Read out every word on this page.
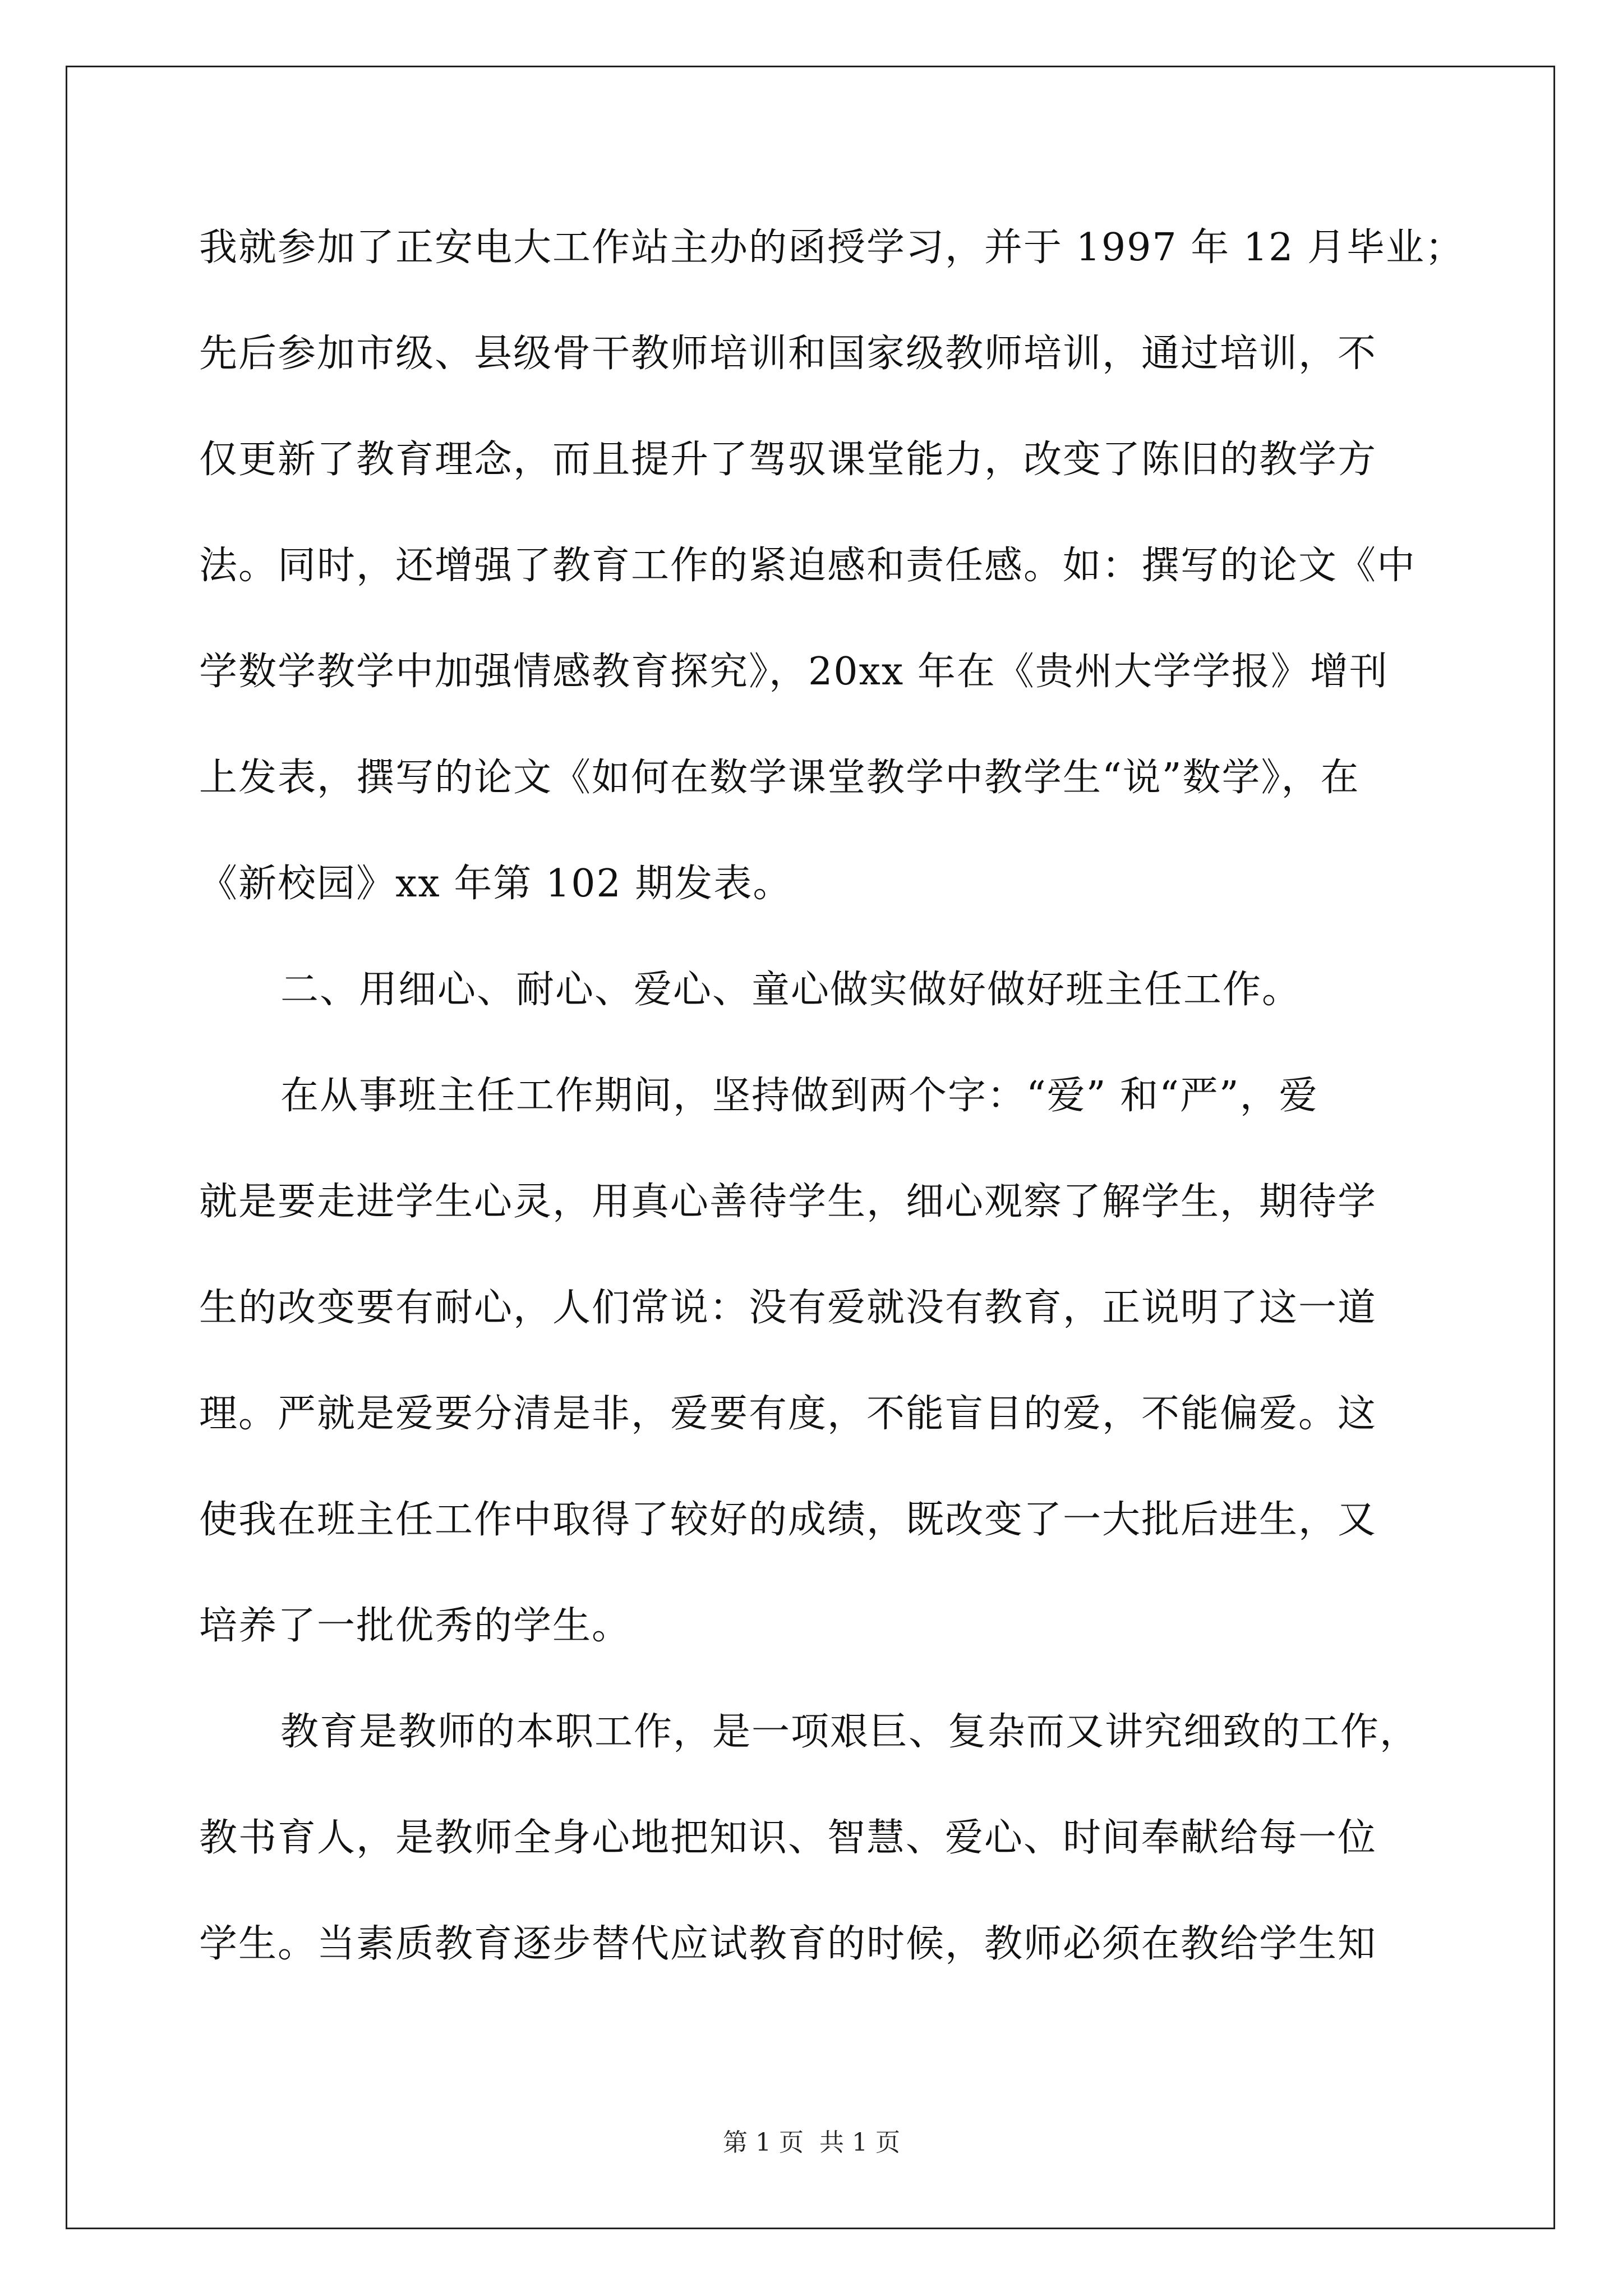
我就参加了正安电大工作站主办的函授学习，并于 1997 年 12 月毕业；
先后参加市级、县级骨干教师培训和国家级教师培训，通过培训，不
仅更新了教育理念，而且提升了驾驭课堂能力，改变了陈旧的教学方
法。同时，还增强了教育工作的紧迫感和责任感。如：撰写的论文《中
学数学教学中加强情感教育探究》，20xx 年在《贵州大学学报》增刊
上发表，撰写的论文《如何在数学课堂教学中教学生“说”数学》，在
《新校园》xx 年第 102 期发表。
二、用细心、耐心、爱心、童心做实做好做好班主任工作。
在从事班主任工作期间，坚持做到两个字：“爱” 和“严”，爱
就是要走进学生心灵，用真心善待学生，细心观察了解学生，期待学
生的改变要有耐心，人们常说：没有爱就没有教育，正说明了这一道
理。严就是爱要分清是非，爱要有度，不能盲目的爱，不能偏爱。这
使我在班主任工作中取得了较好的成绩，既改变了一大批后进生，又
培养了一批优秀的学生。
教育是教师的本职工作，是一项艰巨、复杂而又讲究细致的工作，
教书育人，是教师全身心地把知识、智慧、爱心、时间奉献给每一位
学生。当素质教育逐步替代应试教育的时候，教师必须在教给学生知
第 1 页  共 1 页
